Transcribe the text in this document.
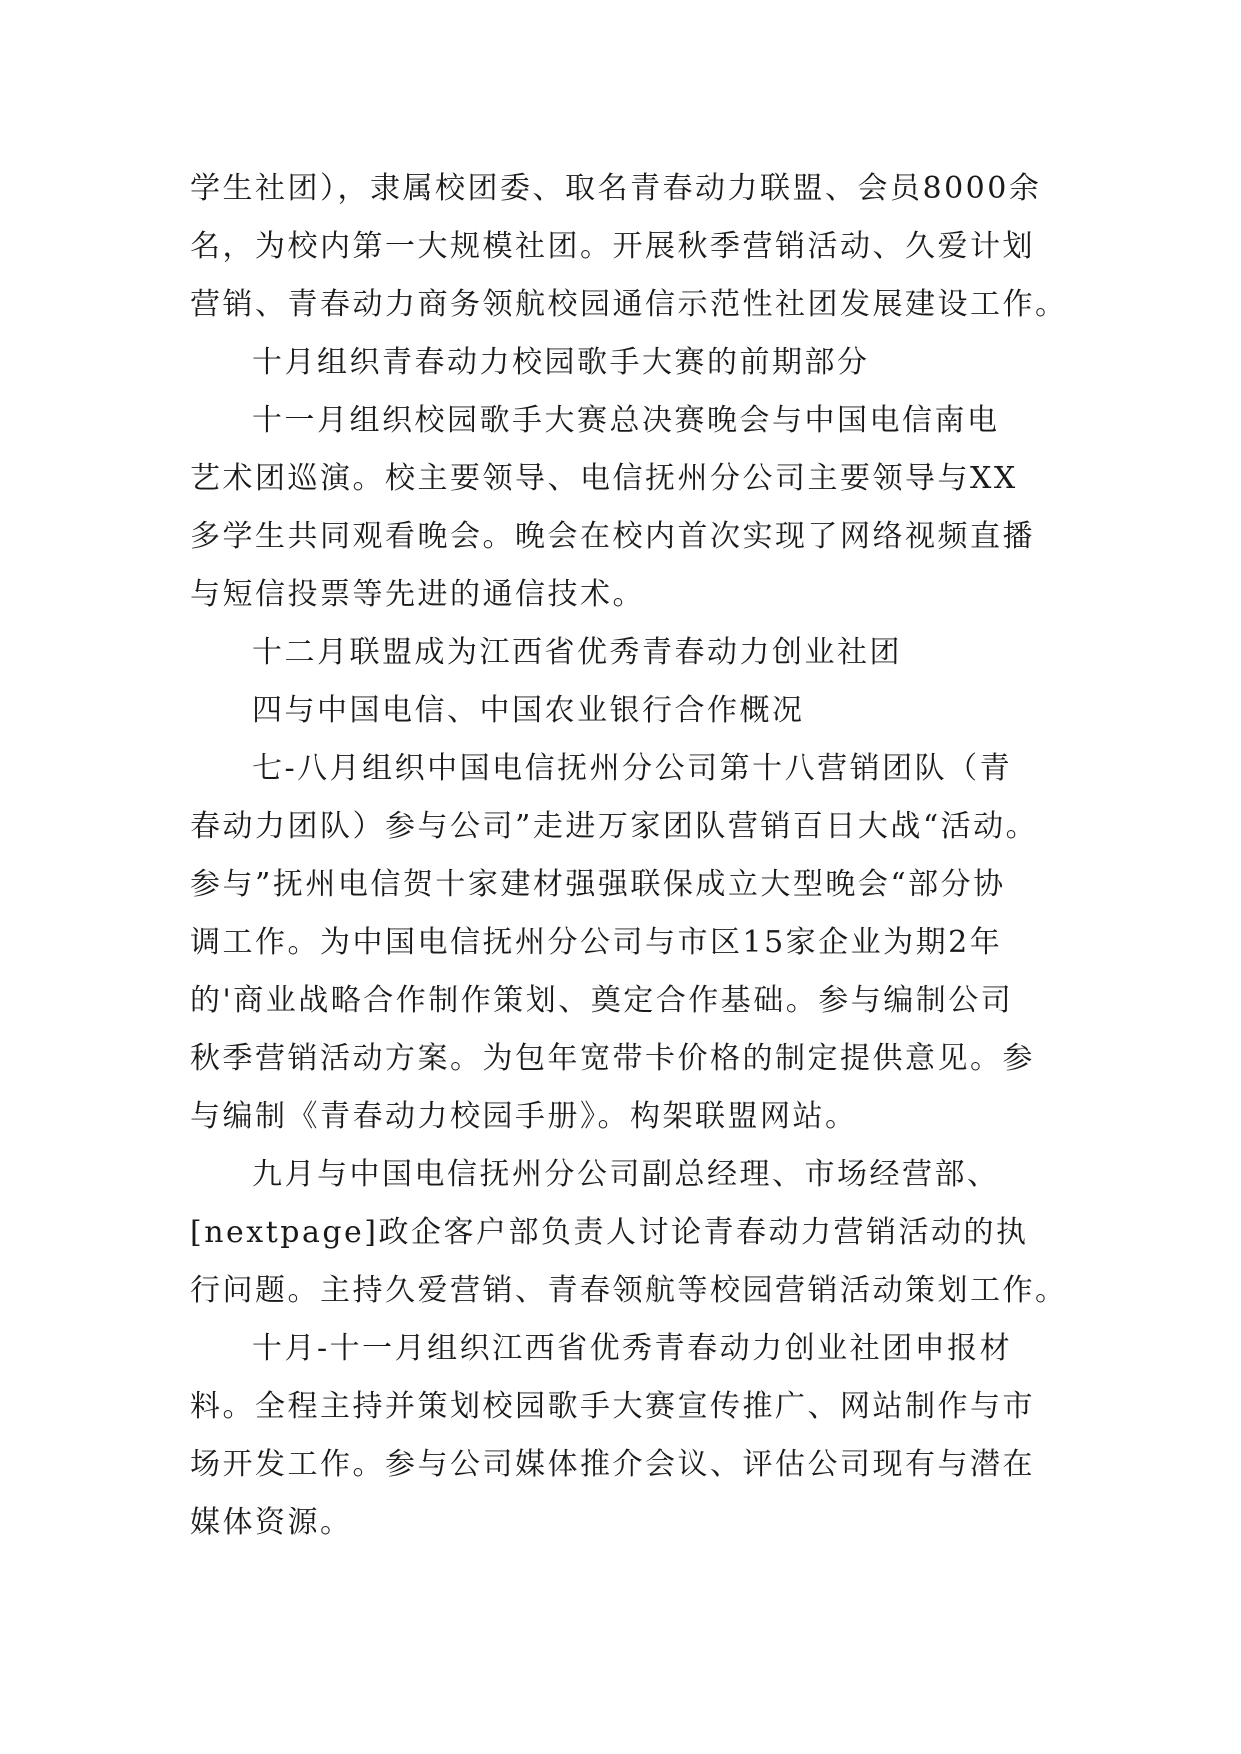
学生社团），隶属校团委、取名青春动力联盟、会员8000余
名，为校内第一大规模社团。开展秋季营销活动、久爱计划
营销、青春动力商务领航校园通信示范性社团发展建设工作。
十月组织青春动力校园歌手大赛的前期部分
十一月组织校园歌手大赛总决赛晚会与中国电信南电
艺术团巡演。校主要领导、电信抚州分公司主要领导与XX
多学生共同观看晚会。晚会在校内首次实现了网络视频直播
与短信投票等先进的通信技术。
十二月联盟成为江西省优秀青春动力创业社团
四与中国电信、中国农业银行合作概况
七-八月组织中国电信抚州分公司第十八营销团队（青
春动力团队）参与公司”走进万家团队营销百日大战“活动。
参与”抚州电信贺十家建材强强联保成立大型晚会“部分协
调工作。为中国电信抚州分公司与市区15家企业为期2年
的'商业战略合作制作策划、奠定合作基础。参与编制公司
秋季营销活动方案。为包年宽带卡价格的制定提供意见。参
与编制《青春动力校园手册》。构架联盟网站。
九月与中国电信抚州分公司副总经理、市场经营部、
[nextpage]政企客户部负责人讨论青春动力营销活动的执
行问题。主持久爱营销、青春领航等校园营销活动策划工作。
十月-十一月组织江西省优秀青春动力创业社团申报材
料。全程主持并策划校园歌手大赛宣传推广、网站制作与市
场开发工作。参与公司媒体推介会议、评估公司现有与潜在
媒体资源。
